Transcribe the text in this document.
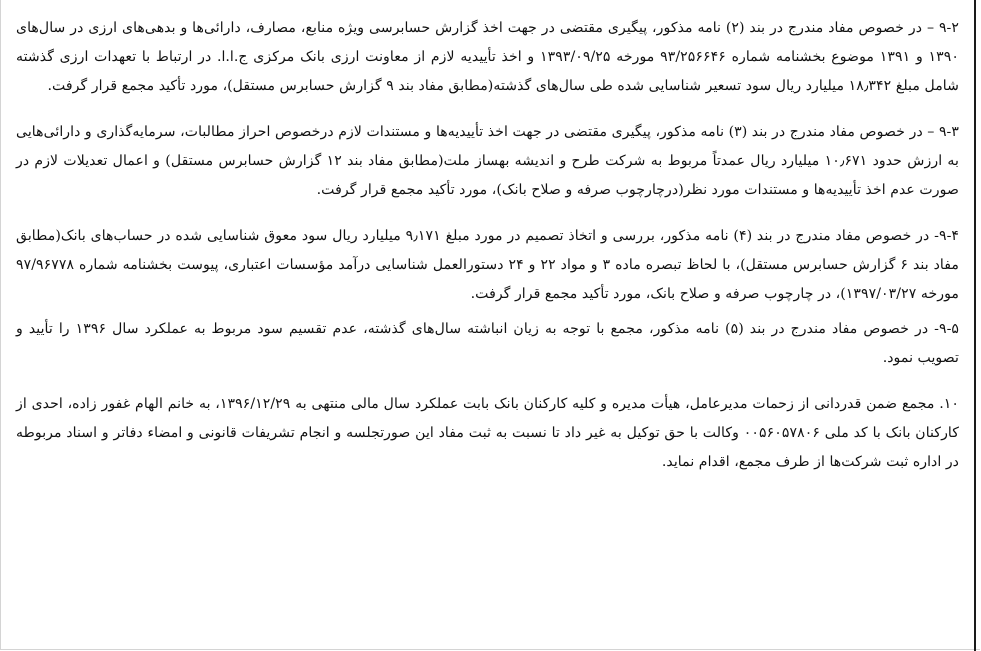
۹-۲ – در خصوص مفاد مندرج در بند (۲) نامه مذکور، پیگیری مقتضی در جهت اخذ گزارش حسابرسی ویژه منابع، مصارف، دارائی‌ها و بدهی‌های ارزی در سال‌های ۱۳۹۰ و ۱۳۹۱ موضوع بخشنامه شماره ۹۳/۲۵۶۶۴۶ مورخه ۱۳۹۳/۰۹/۲۵ و اخذ تأییدیه لازم از معاونت ارزی بانک مرکزی ج.ا.ا. در ارتباط با تعهدات ارزی گذشته شامل مبلغ ۱۸٫۳۴۲ میلیارد ریال سود تسعیر شناسایی شده طی سال‌های گذشته(مطابق مفاد بند ۹ گزارش حسابرس مستقل)، مورد تأکید مجمع قرار گرفت.

۹-۳ – در خصوص مفاد مندرج در بند (۳) نامه مذکور، پیگیری مقتضی در جهت اخذ تأییدیه‌ها و مستندات لازم درخصوص احراز مطالبات، سرمایه‌گذاری و دارائی‌هایی به ارزش حدود ۱۰٫۶۷۱ میلیارد ریال عمدتاً مربوط به شرکت طرح و اندیشه بهساز ملت(مطابق مفاد بند ۱۲ گزارش حسابرس مستقل) و اعمال تعدیلات لازم در صورت عدم اخذ تأییدیه‌ها و مستندات مورد نظر(درچارچوب صرفه و صلاح بانک)، مورد تأکید مجمع قرار گرفت.

۹-۴- در خصوص مفاد مندرج در بند (۴) نامه مذکور، بررسی و اتخاذ تصمیم در مورد مبلغ ۹٫۱۷۱ میلیارد ریال سود معوق شناسایی شده در حساب‌های بانک(مطابق مفاد بند ۶ گزارش حسابرس مستقل)، با لحاظ تبصره ماده ۳ و مواد ۲۲ و ۲۴ دستورالعمل شناسایی درآمد مؤسسات اعتباری، پیوست بخشنامه شماره ۹۷/۹۶۷۷۸ مورخه ۱۳۹۷/۰۳/۲۷)، در چارچوب صرفه و صلاح بانک، مورد تأکید مجمع قرار گرفت.

۹-۵- در خصوص مفاد مندرج در بند (۵) نامه مذکور، مجمع با توجه به زیان انباشته سال‌های گذشته، عدم تقسیم سود مربوط به عملکرد سال ۱۳۹۶ را تأیید و تصویب نمود.

۱۰. مجمع ضمن قدردانی از زحمات مدیرعامل، هیأت مدیره و کلیه کارکنان بانک بابت عملکرد سال مالی منتهی به ۱۳۹۶/۱۲/۲۹، به خانم الهام غفور زاده، احدی از کارکنان بانک با کد ملی ۰۰۵۶۰۵۷۸۰۶ وکالت با حق توکیل به غیر داد تا نسبت به ثبت مفاد این صورتجلسه و انجام تشریفات قانونی و امضاء دفاتر و اسناد مربوطه در اداره ثبت شرکت‌ها از طرف مجمع، اقدام نماید.
